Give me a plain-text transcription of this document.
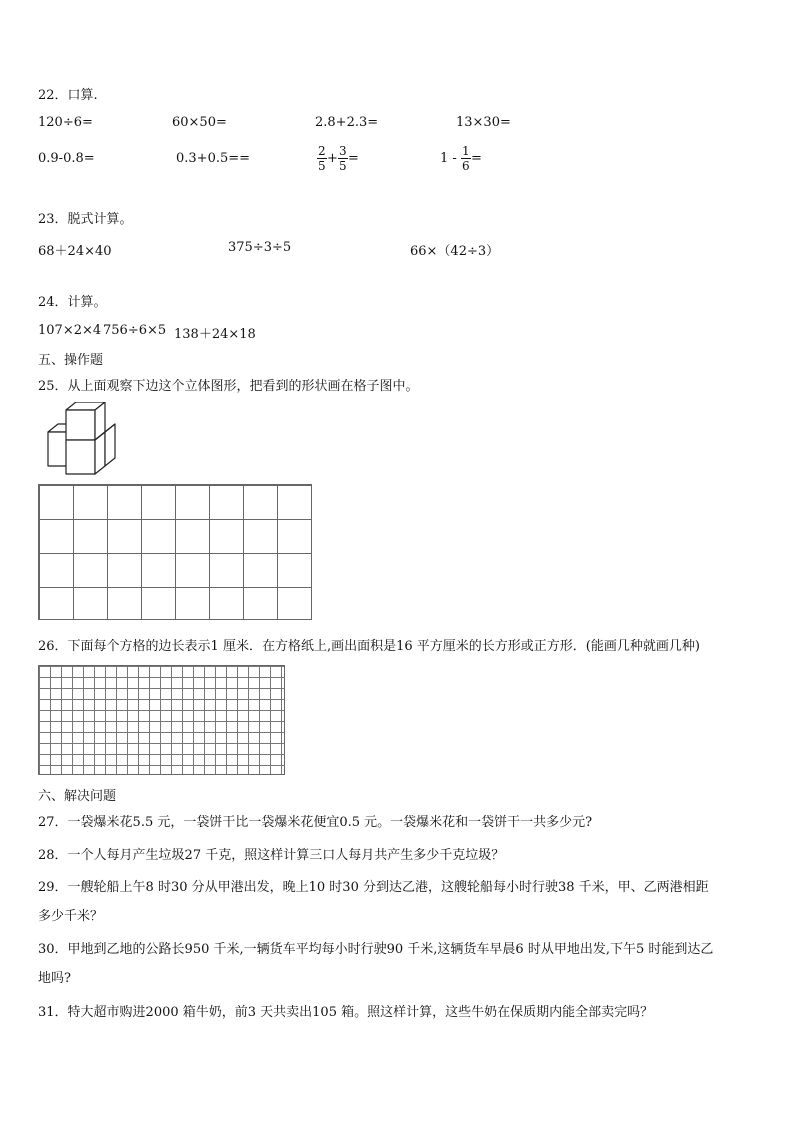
22．口算.
120÷6=	60×50=	2.8+2.3=	13×30=
0.9-0.8=	0.3+0.5==	$\frac{2}{5} + \frac{3}{5}$ =	$1 - \frac{1}{6}$ =
23．脱式计算。
68＋24×40	375÷3÷5	66×（42÷3）
24．计算。
107×2×4 756÷6×5 138＋24×18
五、操作题
25．从上面观察下边这个立体图形，把看到的形状画在格子图中。
26．下面每个方格的边长表示1 厘米．在方格纸上,画出面积是16 平方厘米的长方形或正方形．(能画几种就画几种)
六、解决问题
27．一袋爆米花5.5 元，一袋饼干比一袋爆米花便宜0.5 元。一袋爆米花和一袋饼干一共多少元?
28．一个人每月产生垃圾27 千克，照这样计算三口人每月共产生多少千克垃圾？
29．一艘轮船上午8 时30 分从甲港出发，晚上10 时30 分到达乙港，这艘轮船每小时行驶38 千米，甲、乙两港相距
多少千米？
30．甲地到乙地的公路长950 千米,一辆货车平均每小时行驶90 千米,这辆货车早晨6 时从甲地出发,下午5 时能到达乙
地吗?
31．特大超市购进2000 箱牛奶，前3 天共卖出105 箱。照这样计算，这些牛奶在保质期内能全部卖完吗？
